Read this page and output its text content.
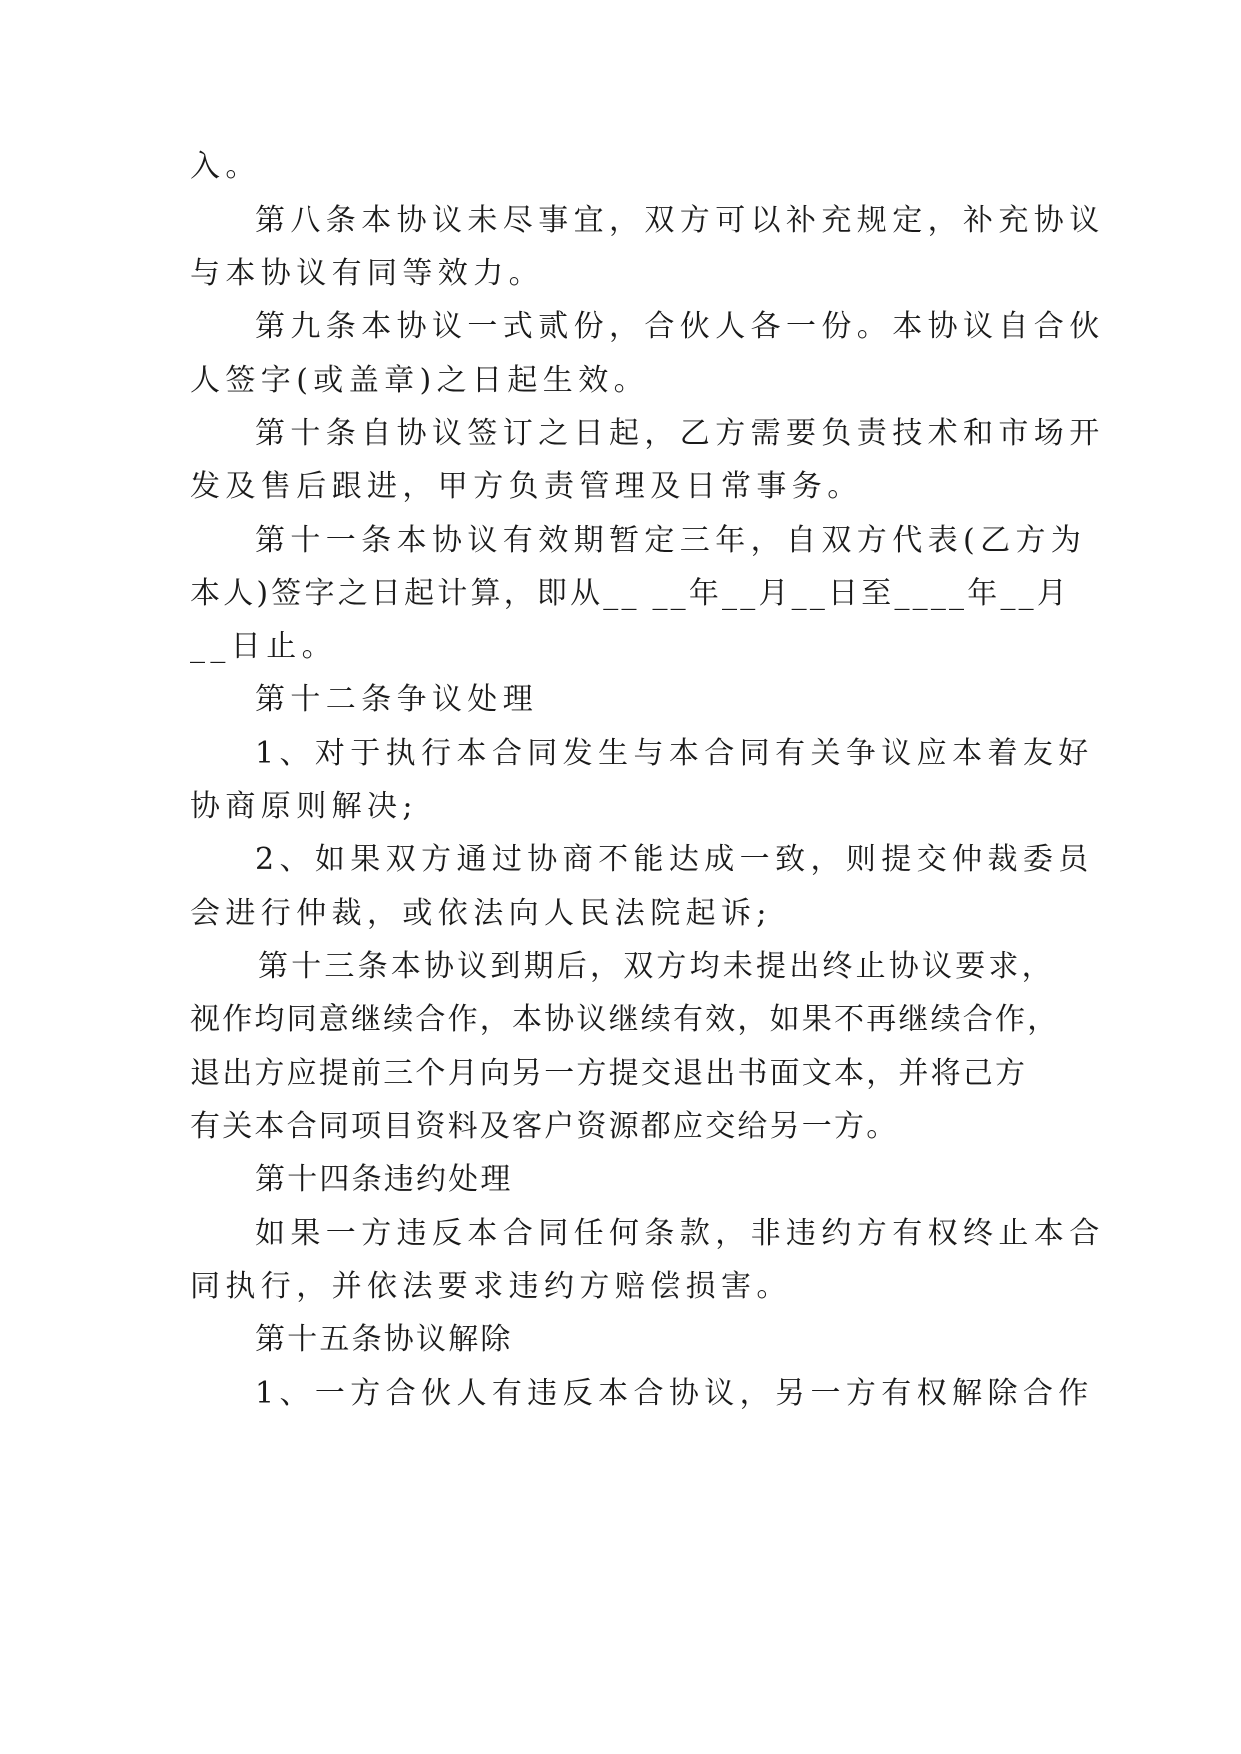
入。
第八条本协议未尽事宜，双方可以补充规定，补充协议
与本协议有同等效力。
第九条本协议一式贰份，合伙人各一份。本协议自合伙
人签字(或盖章)之日起生效。
第十条自协议签订之日起，乙方需要负责技术和市场开
发及售后跟进，甲方负责管理及日常事务。
第十一条本协议有效期暂定三年，自双方代表(乙方为
本人)签字之日起计算，即从__ __年__月__日至____年__月
__日止。
第十二条争议处理
1、对于执行本合同发生与本合同有关争议应本着友好
协商原则解决;
2、如果双方通过协商不能达成一致，则提交仲裁委员
会进行仲裁，或依法向人民法院起诉;
第十三条本协议到期后，双方均未提出终止协议要求，
视作均同意继续合作，本协议继续有效，如果不再继续合作，
退出方应提前三个月向另一方提交退出书面文本，并将己方
有关本合同项目资料及客户资源都应交给另一方。
第十四条违约处理
如果一方违反本合同任何条款，非违约方有权终止本合
同执行，并依法要求违约方赔偿损害。
第十五条协议解除
1、一方合伙人有违反本合协议，另一方有权解除合作
